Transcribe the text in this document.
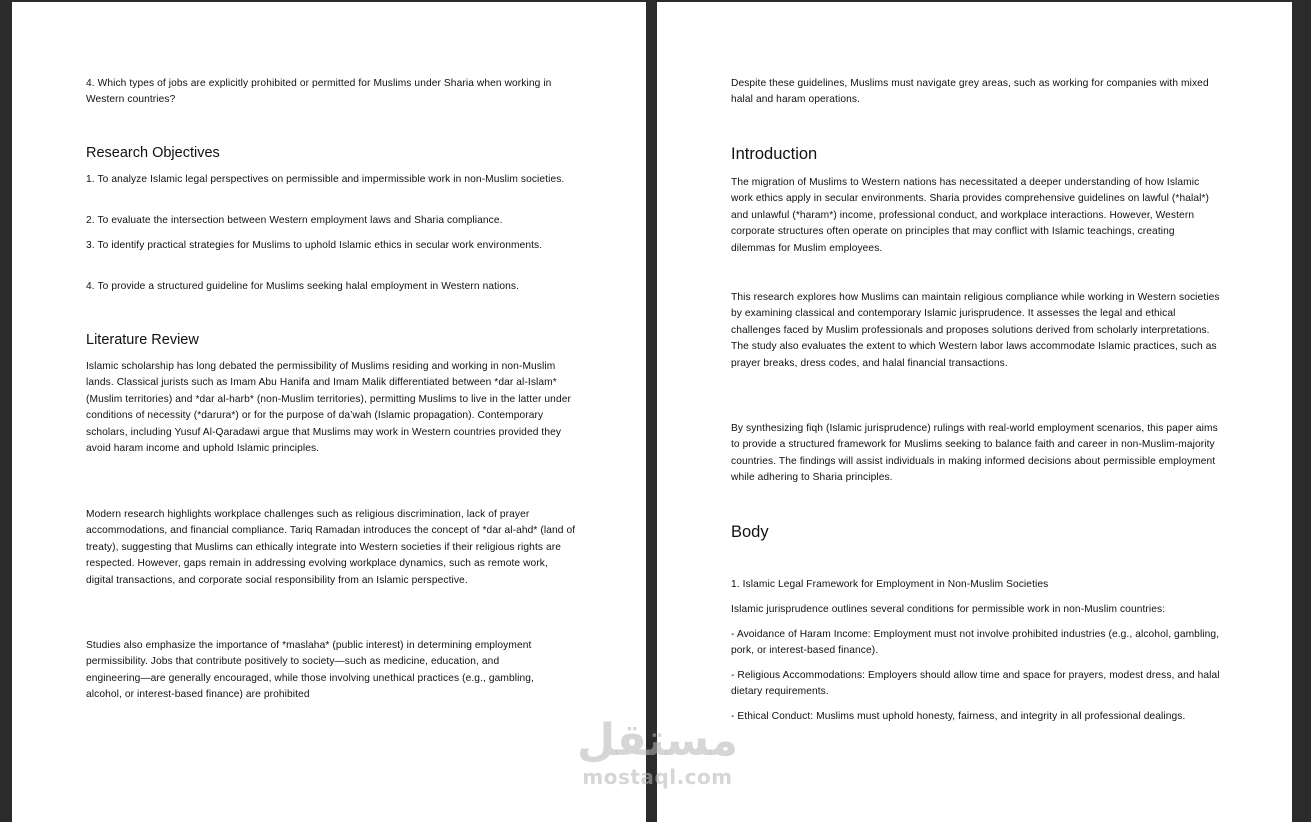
4. Which types of jobs are explicitly prohibited or permitted for Muslims under Sharia when working in Western countries?
Research Objectives
1. To analyze Islamic legal perspectives on permissible and impermissible work in non-Muslim societies.
2. To evaluate the intersection between Western employment laws and Sharia compliance.
3. To identify practical strategies for Muslims to uphold Islamic ethics in secular work environments.
4. To provide a structured guideline for Muslims seeking halal employment in Western nations.
Literature Review
Islamic scholarship has long debated the permissibility of Muslims residing and working in non-Muslim lands. Classical jurists such as Imam Abu Hanifa and Imam Malik differentiated between *dar al-Islam* (Muslim territories) and *dar al-harb* (non-Muslim territories), permitting Muslims to live in the latter under conditions of necessity (*darura*) or for the purpose of da’wah (Islamic propagation). Contemporary scholars, including Yusuf Al-Qaradawi argue that Muslims may work in Western countries provided they avoid haram income and uphold Islamic principles.
Modern research highlights workplace challenges such as religious discrimination, lack of prayer accommodations, and financial compliance. Tariq Ramadan introduces the concept of *dar al-ahd* (land of treaty), suggesting that Muslims can ethically integrate into Western societies if their religious rights are respected. However, gaps remain in addressing evolving workplace dynamics, such as remote work, digital transactions, and corporate social responsibility from an Islamic perspective.
Studies also emphasize the importance of *maslaha* (public interest) in determining employment permissibility. Jobs that contribute positively to society—such as medicine, education, and engineering—are generally encouraged, while those involving unethical practices (e.g., gambling, alcohol, or interest-based finance) are prohibited
Despite these guidelines, Muslims must navigate grey areas, such as working for companies with mixed halal and haram operations.
Introduction
The migration of Muslims to Western nations has necessitated a deeper understanding of how Islamic work ethics apply in secular environments. Sharia provides comprehensive guidelines on lawful (*halal*) and unlawful (*haram*) income, professional conduct, and workplace interactions. However, Western corporate structures often operate on principles that may conflict with Islamic teachings, creating dilemmas for Muslim employees.
This research explores how Muslims can maintain religious compliance while working in Western societies by examining classical and contemporary Islamic jurisprudence. It assesses the legal and ethical challenges faced by Muslim professionals and proposes solutions derived from scholarly interpretations. The study also evaluates the extent to which Western labor laws accommodate Islamic practices, such as prayer breaks, dress codes, and halal financial transactions.
By synthesizing fiqh (Islamic jurisprudence) rulings with real-world employment scenarios, this paper aims to provide a structured framework for Muslims seeking to balance faith and career in non-Muslim-majority countries. The findings will assist individuals in making informed decisions about permissible employment while adhering to Sharia principles.
Body
1. Islamic Legal Framework for Employment in Non-Muslim Societies
Islamic jurisprudence outlines several conditions for permissible work in non-Muslim countries:
- Avoidance of Haram Income: Employment must not involve prohibited industries (e.g., alcohol, gambling, pork, or interest-based finance).
- Religious Accommodations: Employers should allow time and space for prayers, modest dress, and halal dietary requirements.
- Ethical Conduct: Muslims must uphold honesty, fairness, and integrity in all professional dealings.
مستقل
mostaql.com
